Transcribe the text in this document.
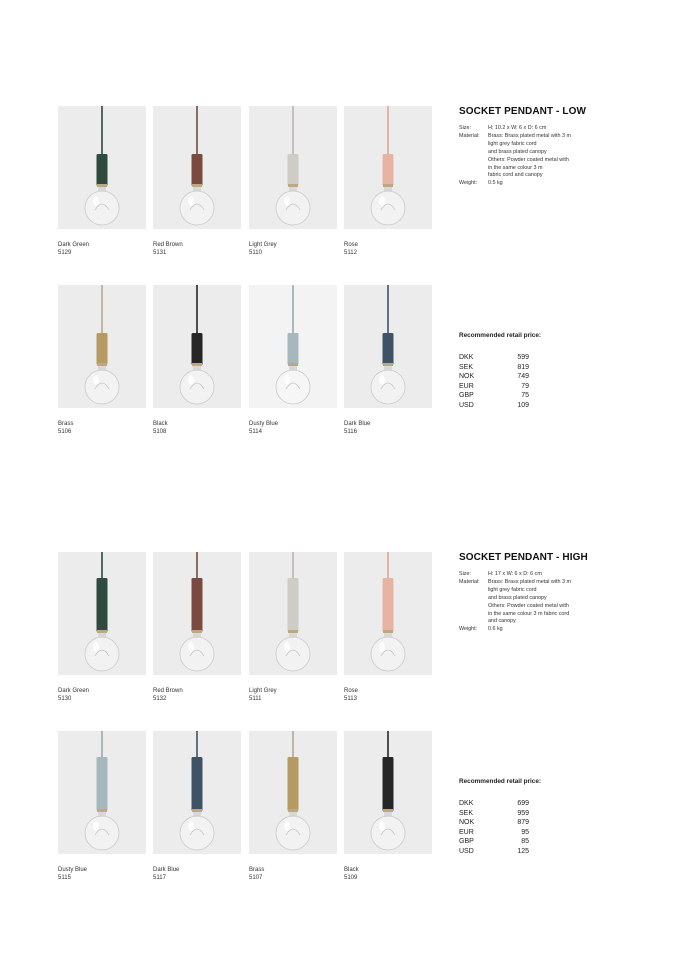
Dark Green
5129
Red Brown
5131
Light Grey
5110
Rose
5112
Brass
5106
Black
5108
Dusty Blue
5114
Dark Blue
5116
SOCKET PENDANT - LOW
Size:	H: 10.2 x W: 6 x D: 6 cm
Material:	Brass: Brass plated metal with 3 m
light grey fabric cord
and brass plated canopy
Others: Powder coated metal with
in the same colour 3 m
fabric cord and canopy
Weight:	0.5 kg
Recommended retail price:
DKK	599
SEK	819
NOK	749
EUR	79
GBP	75
USD	109
Dark Green
5130
Red Brown
5132
Light Grey
5111
Rose
5113
Dusty Blue
5115
Dark Blue
5117
Brass
5107
Black
5109
SOCKET PENDANT - HIGH
Size:	H: 17 x W: 6 x D: 6 cm
Material:	Brass: Brass plated metal with 3 m
light grey fabric cord
and brass plated canopy
Others: Powder coated metal with
in the same colour 3 m fabric cord
and canopy
Weight:	0.6 kg
Recommended retail price:
DKK	699
SEK	959
NOK	879
EUR	95
GBP	85
USD	125
